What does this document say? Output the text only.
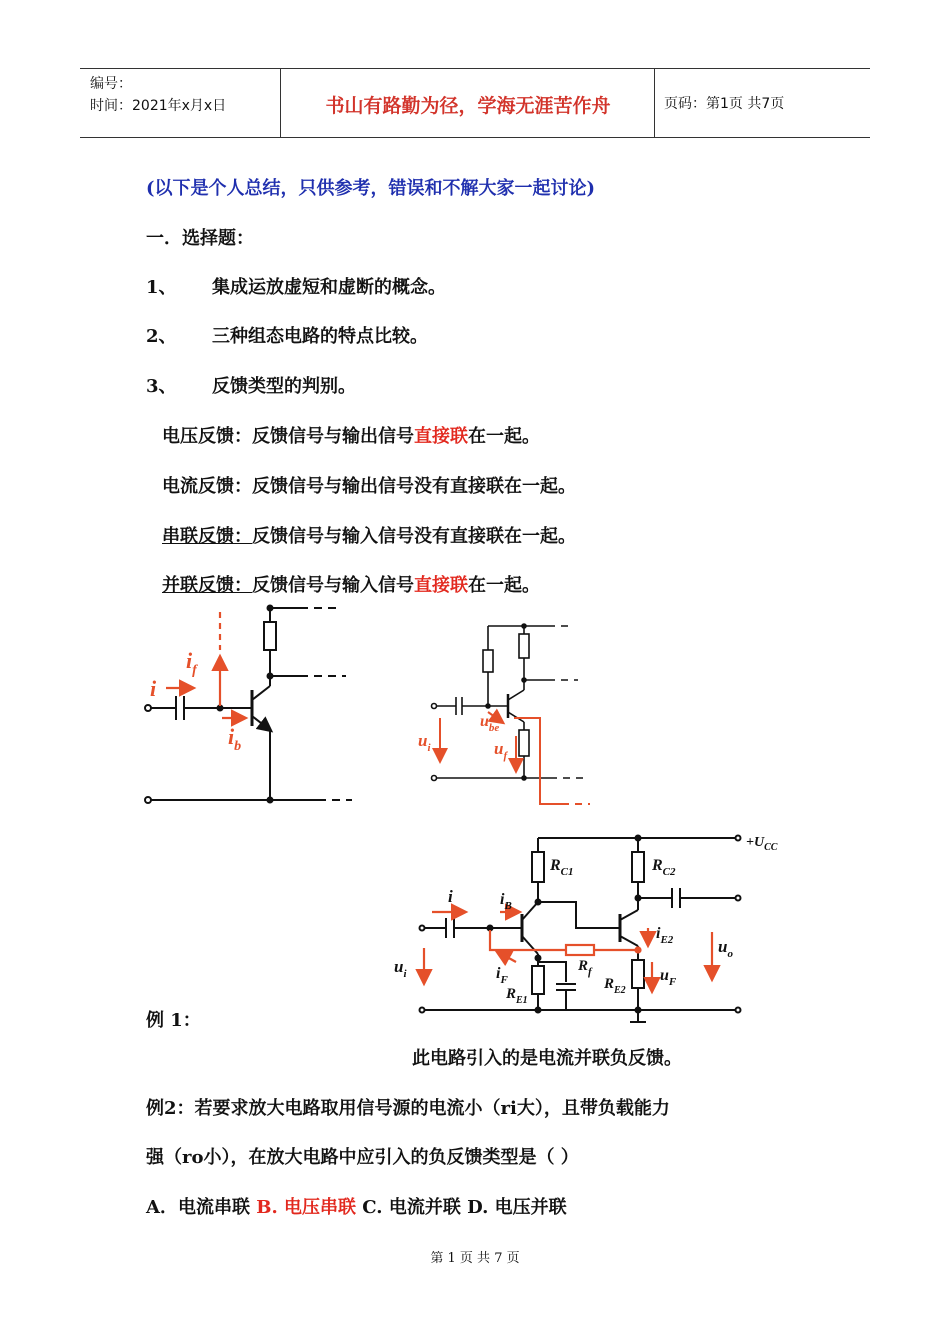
编号：
时间：2021年x月x日	书山有路勤为径，学海无涯苦作舟	页码：第1页 共7页
(以下是个人总结，只供参考，错误和不解大家一起讨论)
一．选择题：
1、 集成运放虚短和虚断的概念。
2、 三种组态电路的特点比较。
3、 反馈类型的判别。
电压反馈：反馈信号与输出信号直接联在一起。
电流反馈：反馈信号与输出信号没有直接联在一起。
串联反馈：反馈信号与输入信号没有直接联在一起。
并联反馈：反馈信号与输入信号直接联在一起。
i
$i_f$
$i_b$	$u_i$
$u_{be}$
$u_f$
$+U_{CC}$
$R_{C1}$	$R_{C2}$
i	$i_B$
$i_{E2}$	$u_o$
$u_i$	$R_f$
$i_F$
$R_{E1}$
$R_{E2}$
$u_F$
例 1：
此电路引入的是电流并联负反馈。
例2：若要求放大电路取用信号源的电流小（ri大），且带负载能力
强（ro小），在放大电路中应引入的负反馈类型是（ ）
A．电流串联 B. 电压串联 C. 电流并联 D. 电压并联
第 1 页 共 7 页
